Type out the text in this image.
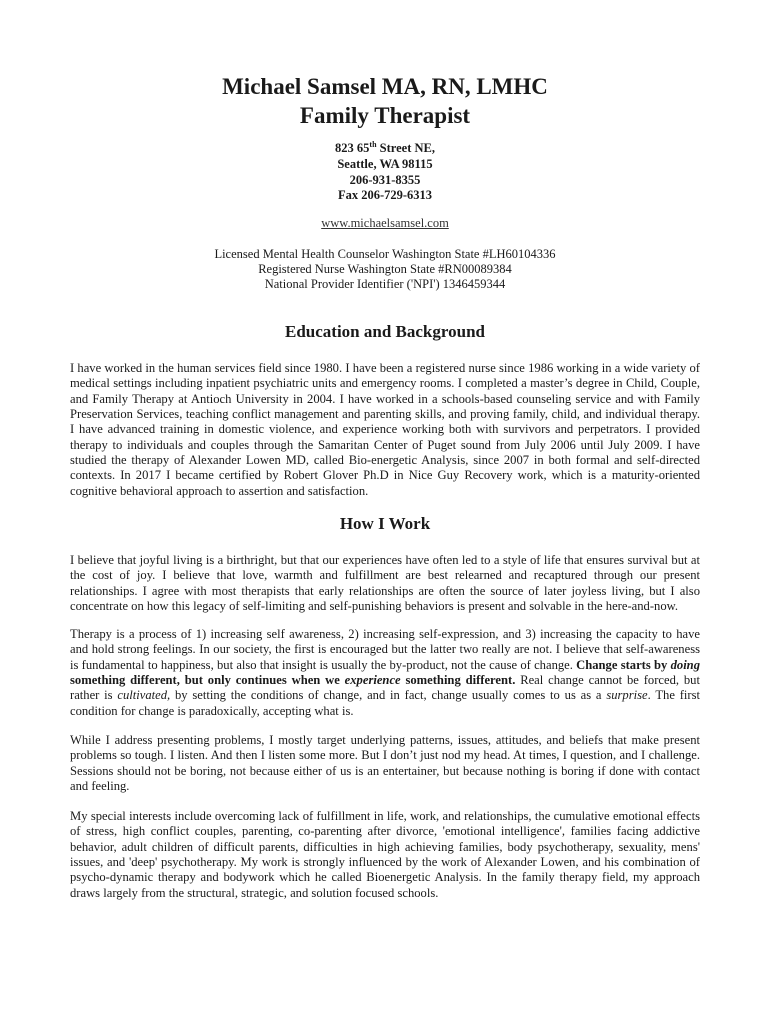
Michael Samsel MA, RN, LMHC
Family Therapist
823 65th Street NE,
Seattle, WA 98115
206-931-8355
Fax 206-729-6313
www.michaelsamsel.com
Licensed Mental Health Counselor Washington State #LH60104336
Registered Nurse Washington State #RN00089384
National Provider Identifier ('NPI') 1346459344
Education and Background

I have worked in the human services field since 1980. I have been a registered nurse since 1986 working in a wide variety of medical settings including inpatient psychiatric units and emergency rooms. I completed a master’s degree in Child, Couple, and Family Therapy at Antioch University in 2004. I have worked in a schools-based counseling service and with Family Preservation Services, teaching conflict management and parenting skills, and proving family, child, and individual therapy. I have advanced training in domestic violence, and experience working both with survivors and perpetrators. I provided therapy to individuals and couples through the Samaritan Center of Puget sound from July 2006 until July 2009. I have studied the therapy of Alexander Lowen MD, called Bio-energetic Analysis, since 2007 in both formal and self-directed contexts. In 2017 I became certified by Robert Glover Ph.D in Nice Guy Recovery work, which is a maturity-oriented cognitive behavioral approach to assertion and satisfaction.

How I Work

I believe that joyful living is a birthright, but that our experiences have often led to a style of life that ensures survival but at the cost of joy. I believe that love, warmth and fulfillment are best relearned and recaptured through our present relationships. I agree with most therapists that early relationships are often the source of later joyless living, but I also concentrate on how this legacy of self-limiting and self-punishing behaviors is present and solvable in the here-and-now.

Therapy is a process of 1) increasing self awareness, 2) increasing self-expression, and 3) increasing the capacity to have and hold strong feelings. In our society, the first is encouraged but the latter two really are not. I believe that self-awareness is fundamental to happiness, but also that insight is usually the by-product, not the cause of change. Change starts by doing something different, but only continues when we experience something different. Real change cannot be forced, but rather is cultivated, by setting the conditions of change, and in fact, change usually comes to us as a surprise. The first condition for change is paradoxically, accepting what is.

While I address presenting problems, I mostly target underlying patterns, issues, attitudes, and beliefs that make present problems so tough. I listen. And then I listen some more. But I don’t just nod my head. At times, I question, and I challenge. Sessions should not be boring, not because either of us is an entertainer, but because nothing is boring if done with contact and feeling.

My special interests include overcoming lack of fulfillment in life, work, and relationships, the cumulative emotional effects of stress, high conflict couples, parenting, co-parenting after divorce, 'emotional intelligence', families facing addictive behavior, adult children of difficult parents, difficulties in high achieving families, body psychotherapy, sexuality, mens' issues, and 'deep' psychotherapy. My work is strongly influenced by the work of Alexander Lowen, and his combination of psycho-dynamic therapy and bodywork which he called Bioenergetic Analysis. In the family therapy field, my approach draws largely from the structural, strategic, and solution focused schools.
